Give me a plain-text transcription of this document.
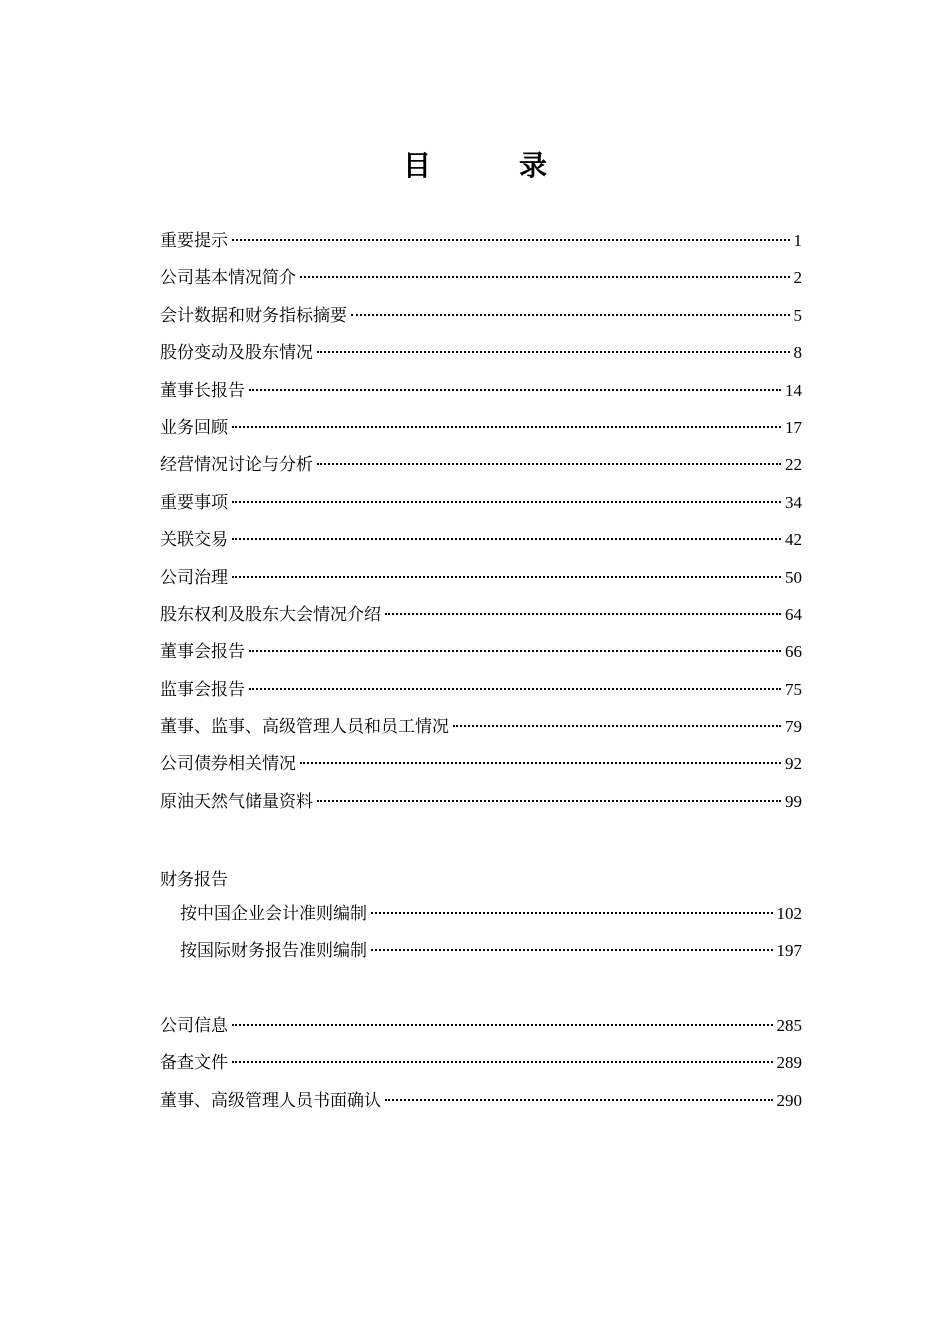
目　录
重要提示	1
公司基本情况简介	2
会计数据和财务指标摘要	5
股份变动及股东情况	8
董事长报告	14
业务回顾	17
经营情况讨论与分析	22
重要事项	34
关联交易	42
公司治理	50
股东权利及股东大会情况介绍	64
董事会报告	66
监事会报告	75
董事、监事、高级管理人员和员工情况	79
公司债券相关情况	92
原油天然气储量资料	99
财务报告
按中国企业会计准则编制	102
按国际财务报告准则编制	197
公司信息	285
备查文件	289
董事、高级管理人员书面确认	290
